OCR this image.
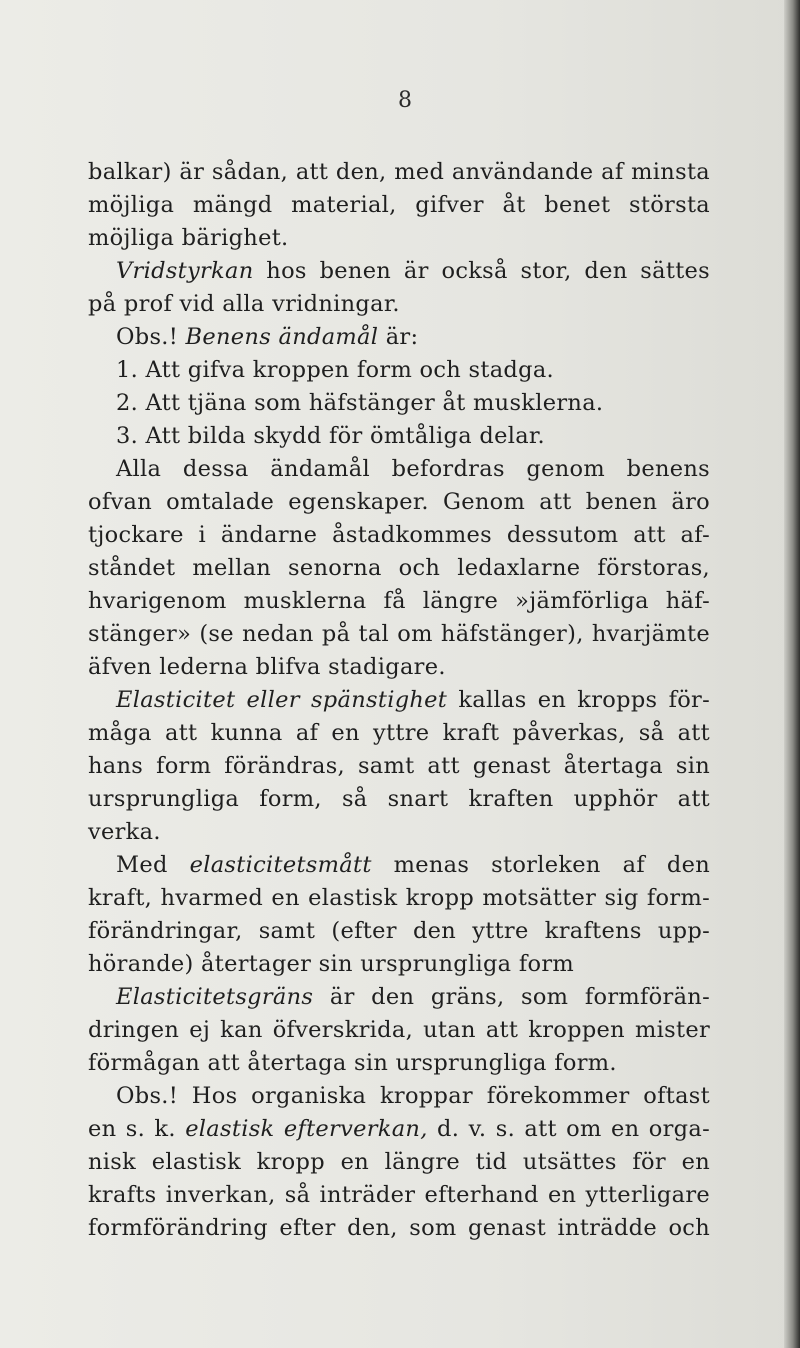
8
balkar) är sådan, att den, med användande af minsta
möjliga mängd material, gifver åt benet största
möjliga bärighet.
Vridstyrkan hos benen är också stor, den sättes
på prof vid alla vridningar.
Obs.! Benens ändamål är:
1. Att gifva kroppen form och stadga.
2. Att tjäna som häfstänger åt musklerna.
3. Att bilda skydd för ömtåliga delar.
Alla dessa ändamål befordras genom benens
ofvan omtalade egenskaper. Genom att benen äro
tjockare i ändarne åstadkommes dessutom att af-
ståndet mellan senorna och ledaxlarne förstoras,
hvarigenom musklerna få längre »jämförliga häf-
stänger» (se nedan på tal om häfstänger), hvarjämte
äfven lederna blifva stadigare.
Elasticitet eller spänstighet kallas en kropps för-
måga att kunna af en yttre kraft påverkas, så att
hans form förändras, samt att genast återtaga sin
ursprungliga form, så snart kraften upphör att
verka.
Med elasticitetsmått menas storleken af den
kraft, hvarmed en elastisk kropp motsätter sig form-
förändringar, samt (efter den yttre kraftens upp-
hörande) återtager sin ursprungliga form
Elasticitetsgräns är den gräns, som formförän-
dringen ej kan öfverskrida, utan att kroppen mister
förmågan att återtaga sin ursprungliga form.
Obs.! Hos organiska kroppar förekommer oftast
en s. k. elastisk efterverkan, d. v. s. att om en orga-
nisk elastisk kropp en längre tid utsättes för en
krafts inverkan, så inträder efterhand en ytterligare
formförändring efter den, som genast inträdde och
